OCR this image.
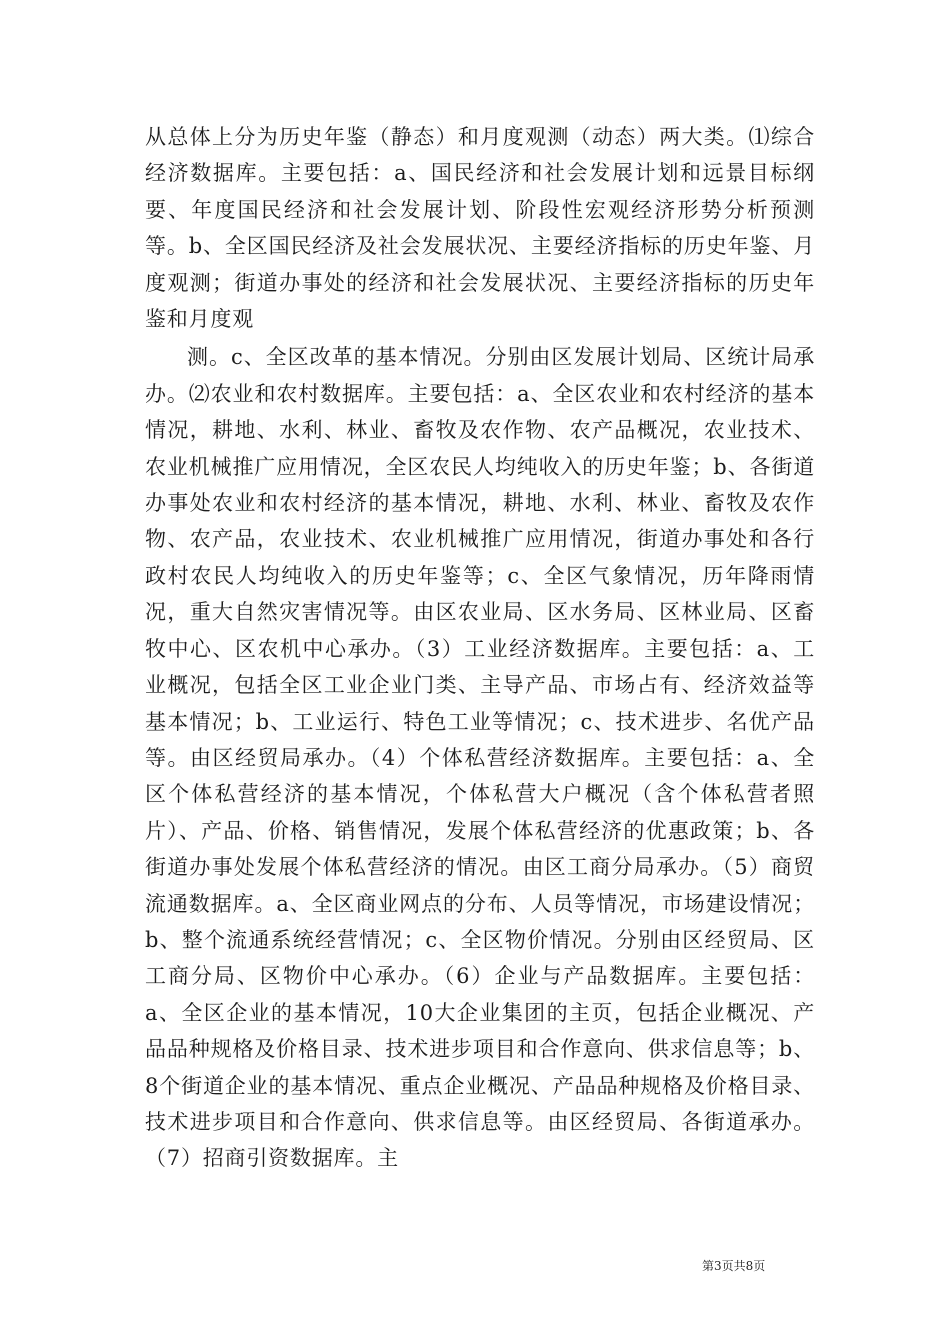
从总体上分为历史年鉴（静态）和月度观测（动态）两大类。⑴综合经济数据库。主要包括：a、国民经济和社会发展计划和远景目标纲要、年度国民经济和社会发展计划、阶段性宏观经济形势分析预测等。b、全区国民经济及社会发展状况、主要经济指标的历史年鉴、月度观测；街道办事处的经济和社会发展状况、主要经济指标的历史年鉴和月度观

测。c、全区改革的基本情况。分别由区发展计划局、区统计局承办。⑵农业和农村数据库。主要包括：a、全区农业和农村经济的基本情况，耕地、水利、林业、畜牧及农作物、农产品概况，农业技术、农业机械推广应用情况，全区农民人均纯收入的历史年鉴；b、各街道办事处农业和农村经济的基本情况，耕地、水利、林业、畜牧及农作物、农产品，农业技术、农业机械推广应用情况，街道办事处和各行政村农民人均纯收入的历史年鉴等；c、全区气象情况，历年降雨情况，重大自然灾害情况等。由区农业局、区水务局、区林业局、区畜牧中心、区农机中心承办。（3）工业经济数据库。主要包括：a、工业概况，包括全区工业企业门类、主导产品、市场占有、经济效益等基本情况；b、工业运行、特色工业等情况；c、技术进步、名优产品等。由区经贸局承办。（4）个体私营经济数据库。主要包括：a、全区个体私营经济的基本情况，个体私营大户概况（含个体私营者照片）、产品、价格、销售情况，发展个体私营经济的优惠政策；b、各街道办事处发展个体私营经济的情况。由区工商分局承办。（5）商贸流通数据库。a、全区商业网点的分布、人员等情况，市场建设情况；b、整个流通系统经营情况；c、全区物价情况。分别由区经贸局、区工商分局、区物价中心承办。（6）企业与产品数据库。主要包括：a、全区企业的基本情况，10大企业集团的主页，包括企业概况、产品品种规格及价格目录、技术进步项目和合作意向、供求信息等；b、8个街道企业的基本情况、重点企业概况、产品品种规格及价格目录、技术进步项目和合作意向、供求信息等。由区经贸局、各街道承办。（7）招商引资数据库。主

第3页共8页
